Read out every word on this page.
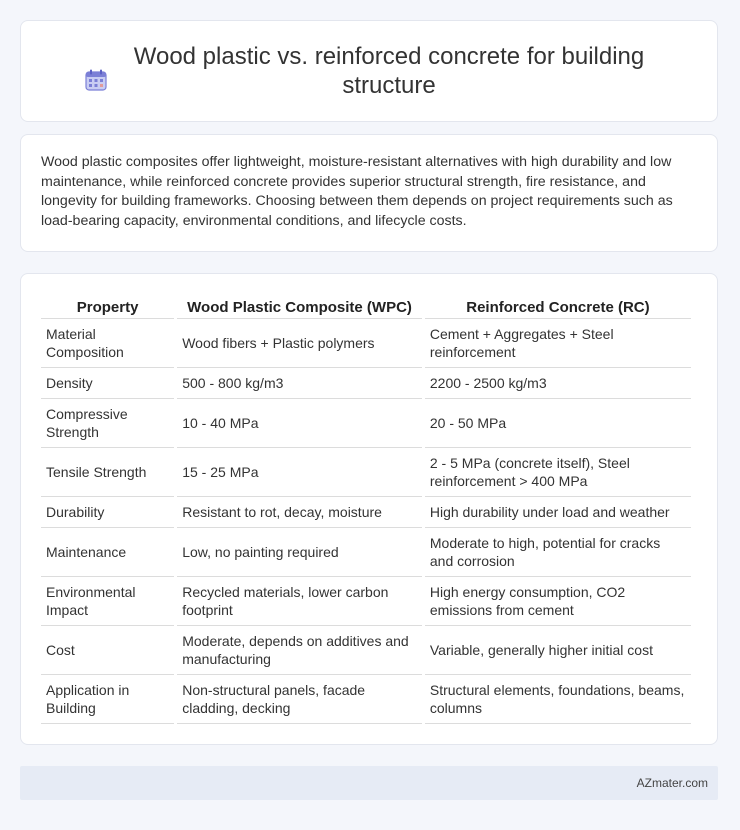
Wood plastic vs. reinforced concrete for building structure

Wood plastic composites offer lightweight, moisture-resistant alternatives with high durability and low maintenance, while reinforced concrete provides superior structural strength, fire resistance, and longevity for building frameworks. Choosing between them depends on project requirements such as load-bearing capacity, environmental conditions, and lifecycle costs.

Property	Wood Plastic Composite (WPC)	Reinforced Concrete (RC)
Material Composition	Wood fibers + Plastic polymers	Cement + Aggregates + Steel reinforcement
Density	500 - 800 kg/m3	2200 - 2500 kg/m3
Compressive Strength	10 - 40 MPa	20 - 50 MPa
Tensile Strength	15 - 25 MPa	2 - 5 MPa (concrete itself), Steel reinforcement > 400 MPa
Durability	Resistant to rot, decay, moisture	High durability under load and weather
Maintenance	Low, no painting required	Moderate to high, potential for cracks and corrosion
Environmental Impact	Recycled materials, lower carbon footprint	High energy consumption, CO2 emissions from cement
Cost	Moderate, depends on additives and manufacturing	Variable, generally higher initial cost
Application in Building	Non-structural panels, facade cladding, decking	Structural elements, foundations, beams, columns
AZmater.com
